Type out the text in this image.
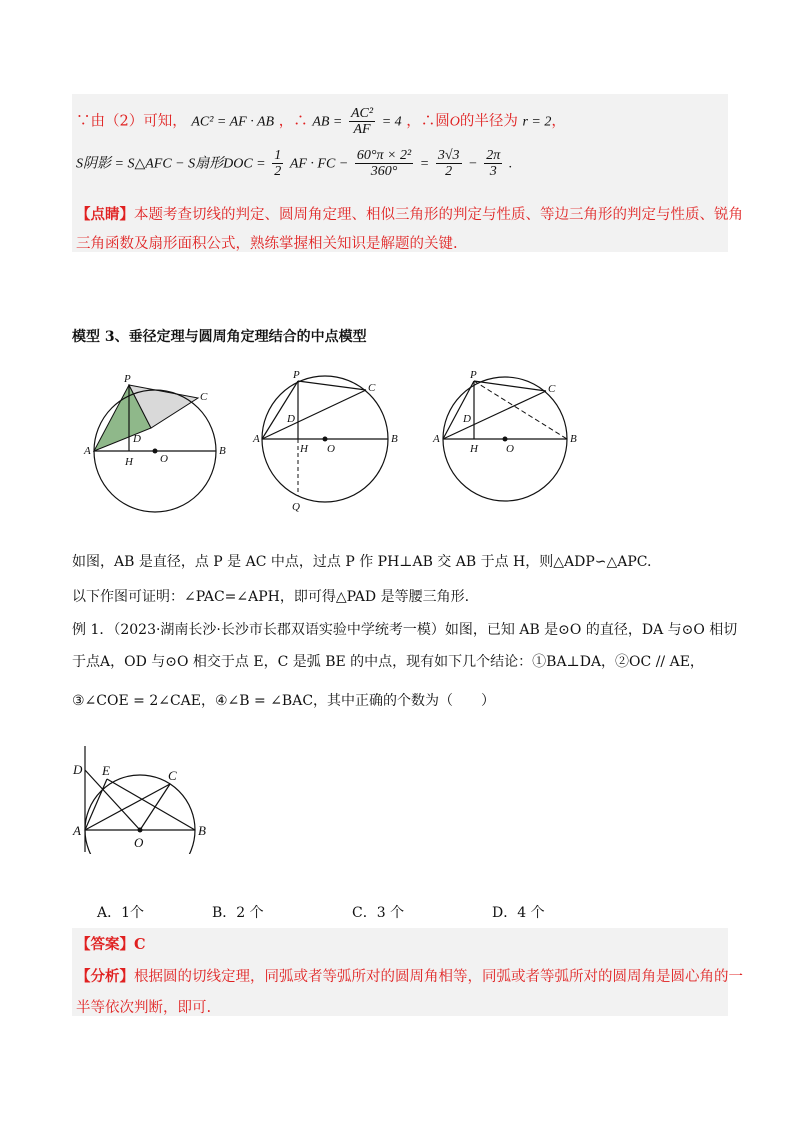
∵由（2）可知， AC² = AF · AB ，∴ AB = $\frac{\text{AC²}}{AF} = 4$ ，∴圆O的半径为 r = 2，
S阴影 = S△AFC − S扇形DOC = $\frac{1}{2}$ AF · FC − $\frac{\text{60°π × 2²}}{360^\circ} = \frac{3√3}{2} - \frac{2\pi}{3}$ .
【点睛】本题考查切线的判定、圆周角定理、相似三角形的判定与性质、等边三角形的判定与性质、锐角
三角函数及扇形面积公式，熟练掌握相关知识是解题的关键.
模型 3、垂径定理与圆周角定理结合的中点模型
P
C
D
A
H O
B
P
C
D
A
H O
B
Q
P
C
D
A
H	O
B
如图，AB 是直径，点 P 是 AC 中点，过点 P 作 PH⊥AB 交 AB 于点 H，则△ADP∽△APC.
以下作图可证明：∠PAC=∠APH，即可得△PAD 是等腰三角形.
例 1．（2023·湖南长沙·长沙市长郡双语实验中学统考一模）如图，已知 AB 是⊙O 的直径，DA 与⊙O 相切
于点A，OD 与⊙O 相交于点 E，C 是弧 BE 的中点，现有如下几个结论：①BA⊥DA，②OC // AE，
③∠COE = 2∠CAE，④∠B = ∠BAC，其中正确的个数为（　　）
D E	C
A
O
B
A．1个	B．2 个	C．3 个	D．4 个
【答案】C
【分析】根据圆的切线定理，同弧或者等弧所对的圆周角相等，同弧或者等弧所对的圆周角是圆心角的一
半等依次判断，即可.
